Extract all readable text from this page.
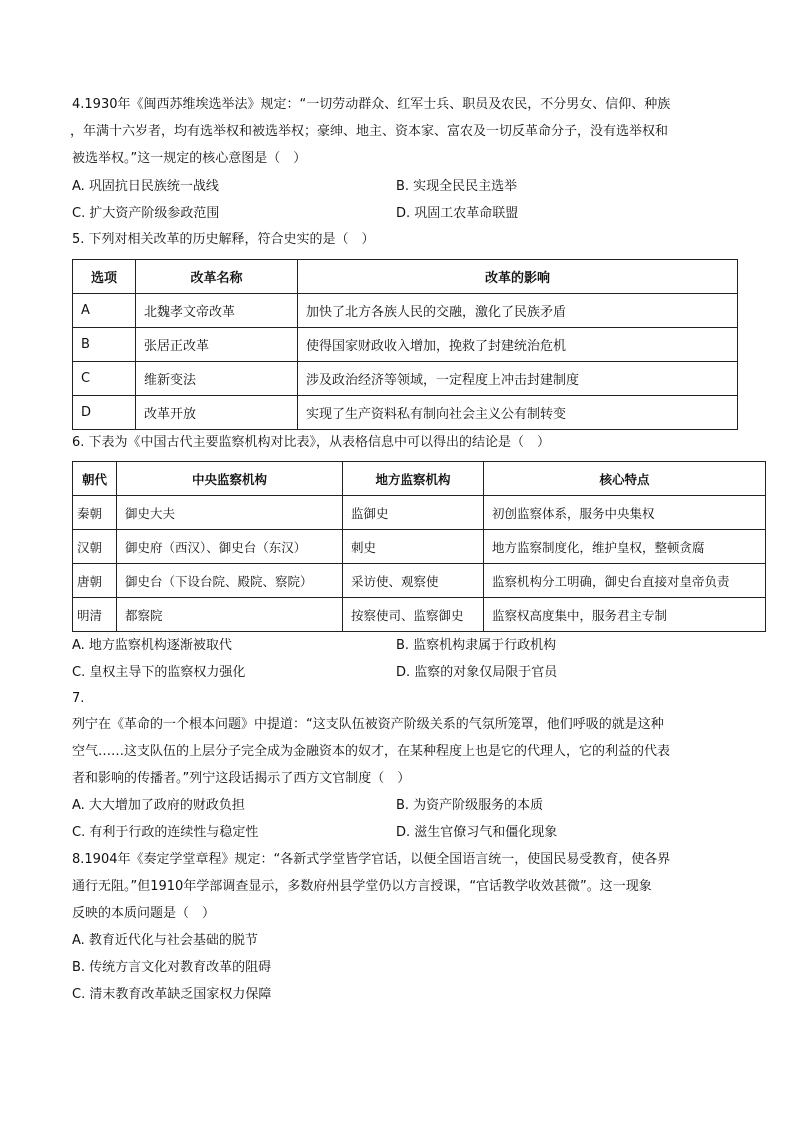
4.1930年《闽西苏维埃选举法》规定：“一切劳动群众、红军士兵、职员及农民，不分男女、信仰、种族
，年满十六岁者，均有选举权和被选举权；豪绅、地主、资本家、富农及一切反革命分子，没有选举权和
被选举权。”这一规定的核心意图是（　）
A. 巩固抗日民族统一战线	B. 实现全民民主选举
C. 扩大资产阶级参政范围	D. 巩固工农革命联盟
5. 下列对相关改革的历史解释，符合史实的是（　）
选项	改革名称	改革的影响
A	北魏孝文帝改革	加快了北方各族人民的交融，激化了民族矛盾
B	张居正改革	使得国家财政收入增加，挽救了封建统治危机
C	维新变法	涉及政治经济等领域，一定程度上冲击封建制度
D	改革开放	实现了生产资料私有制向社会主义公有制转变
6. 下表为《中国古代主要监察机构对比表》，从表格信息中可以得出的结论是（　）
朝代	中央监察机构	地方监察机构	核心特点
秦朝	御史大夫	监御史	初创监察体系，服务中央集权
汉朝	御史府（西汉）、御史台（东汉）	刺史	地方监察制度化，维护皇权，整顿贪腐
唐朝	御史台（下设台院、殿院、察院）	采访使、观察使	监察机构分工明确，御史台直接对皇帝负责
明清	都察院	按察使司、监察御史	监察权高度集中，服务君主专制
A. 地方监察机构逐渐被取代	B. 监察机构隶属于行政机构
C. 皇权主导下的监察权力强化	D. 监察的对象仅局限于官员
7.
列宁在《革命的一个根本问题》中提道：“这支队伍被资产阶级关系的气氛所笼罩，他们呼吸的就是这种
空气……这支队伍的上层分子完全成为金融资本的奴才，在某种程度上也是它的代理人，它的利益的代表
者和影响的传播者。”列宁这段话揭示了西方文官制度（　）
A. 大大增加了政府的财政负担	B. 为资产阶级服务的本质
C. 有利于行政的连续性与稳定性	D. 滋生官僚习气和僵化现象
8.1904年《奏定学堂章程》规定：“各新式学堂皆学官话，以便全国语言统一，使国民易受教育，使各界
通行无阻。”但1910年学部调查显示，多数府州县学堂仍以方言授课，“官话教学收效甚微”。这一现象
反映的本质问题是（　）
A. 教育近代化与社会基础的脱节
B. 传统方言文化对教育改革的阻碍
C. 清末教育改革缺乏国家权力保障
